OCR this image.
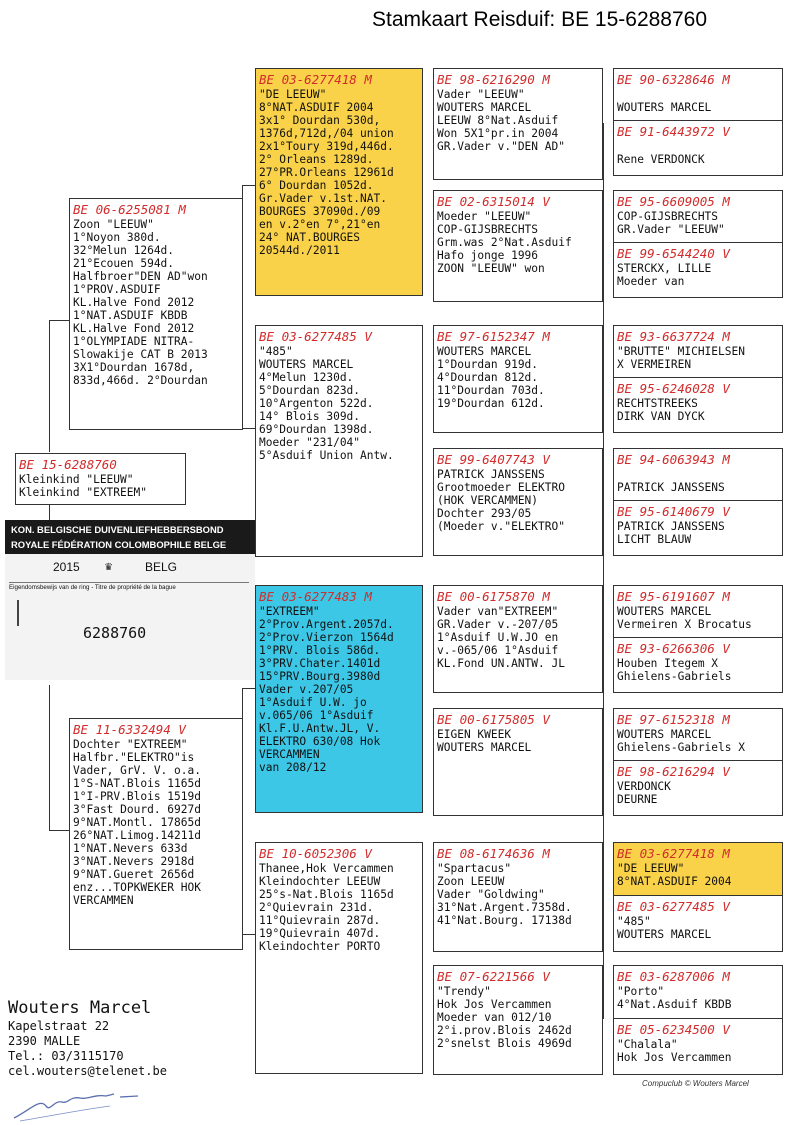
Stamkaart Reisduif: BE 15-6288760
BE 15-6288760
Kleinkind "LEEUW"
Kleinkind "EXTREEM"
KON. BELGISCHE DUIVENLIEFHEBBERSBOND
ROYALE FÉDÉRATION COLOMBOPHILE BELGE
2015 ♛	BELG
Eigendomsbewijs van de ring - Titre de propriété de la bague
6288760
BE 06-6255081 M
Zoon "LEEUW"
1°Noyon 380d.
32°Melun 1264d.
21°Ecouen 594d.
Halfbroer"DEN AD"won
1°PROV.ASDUIF
KL.Halve Fond 2012
1°NAT.ASDUIF KBDB
KL.Halve Fond 2012
1°OLYMPIADE NITRA-
Slowakije CAT B 2013
3X1°Dourdan 1678d,
833d,466d. 2°Dourdan
BE 11-6332494 V
Dochter "EXTREEM"
Halfbr."ELEKTRO"is
Vader, GrV. V. o.a.
1°S-NAT.Blois 1165d
1°I-PRV.Blois 1519d
3°Fast Dourd. 6927d
9°NAT.Montl. 17865d
26°NAT.Limog.14211d
1°NAT.Nevers 633d
3°NAT.Nevers 2918d
9°NAT.Gueret 2656d
enz...TOPKWEKER HOK
VERCAMMEN
BE 03-6277418 M
"DE LEEUW"
8°NAT.ASDUIF 2004
3x1° Dourdan 530d,
1376d,712d,/04 union
2x1°Toury 319d,446d.
2° Orleans 1289d.
27°PR.Orleans 12961d
6° Dourdan 1052d.
Gr.Vader v.1st.NAT.
BOURGES 37090d./09
en v.2°en 7°,21°en
24° NAT.BOURGES
20544d./2011
BE 03-6277485 V
"485"
WOUTERS MARCEL
4°Melun 1230d.
5°Dourdan 823d.
10°Argenton 522d.
14° Blois 309d.
69°Dourdan 1398d.
Moeder "231/04"
5°Asduif Union Antw.
BE 03-6277483 M
"EXTREEM"
2°Prov.Argent.2057d.
2°Prov.Vierzon 1564d
1°PRV. Blois 586d.
3°PRV.Chater.1401d
15°PRV.Bourg.3980d
Vader v.207/05
1°Asduif U.W. jo
v.065/06 1°Asduif
Kl.F.U.Antw.JL, V.
ELEKTRO 630/08 Hok
VERCAMMEN
van 208/12
BE 10-6052306 V
Thanee,Hok Vercammen
Kleindochter LEEUW
25°s-Nat.Blois 1165d
2°Quievrain 231d.
11°Quievrain 287d.
19°Quievrain 407d.
Kleindochter PORTO
BE 98-6216290 M
Vader "LEEUW"
WOUTERS MARCEL
LEEUW 8°Nat.Asduif
Won 5X1°pr.in 2004
GR.Vader v."DEN AD"
BE 02-6315014 V
Moeder "LEEUW"
COP-GIJSBRECHTS
Grm.was 2°Nat.Asduif
Hafo jonge 1996
ZOON "LEEUW" won
BE 97-6152347 M
WOUTERS MARCEL
1°Dourdan 919d.
4°Dourdan 812d.
11°Dourdan 703d.
19°Dourdan 612d.
BE 99-6407743 V
PATRICK JANSSENS
Grootmoeder ELEKTRO
(HOK VERCAMMEN)
Dochter 293/05
(Moeder v."ELEKTRO"
BE 00-6175870 M
Vader van"EXTREEM"
GR.Vader v.-207/05
1°Asduif U.W.JO en
v.-065/06 1°Asduif
KL.Fond UN.ANTW. JL
BE 00-6175805 V
EIGEN KWEEK
WOUTERS MARCEL
BE 08-6174636 M
"Spartacus"
Zoon LEEUW
Vader "Goldwing"
31°Nat.Argent.7358d.
41°Nat.Bourg. 17138d
BE 07-6221566 V
"Trendy"
Hok Jos Vercammen
Moeder van 012/10
2°i.prov.Blois 2462d
2°snelst Blois 4969d
BE 90-6328646 M

WOUTERS MARCEL
BE 91-6443972 V

Rene VERDONCK
BE 95-6609005 M
COP-GIJSBRECHTS
GR.Vader "LEEUW"
BE 99-6544240 V
STERCKX, LILLE
Moeder van
BE 93-6637724 M
"BRUTTE" MICHIELSEN
X VERMEIREN
BE 95-6246028 V
RECHTSTREEKS
DIRK VAN DYCK
BE 94-6063943 M

PATRICK JANSSENS
BE 95-6140679 V
PATRICK JANSSENS
LICHT BLAUW
BE 95-6191607 M
WOUTERS MARCEL
Vermeiren X Brocatus
BE 93-6266306 V
Houben Itegem X
Ghielens-Gabriels
BE 97-6152318 M
WOUTERS MARCEL
Ghielens-Gabriels X
BE 98-6216294 V
VERDONCK
DEURNE
BE 03-6277418 M
"DE LEEUW"
8°NAT.ASDUIF 2004
BE 03-6277485 V
"485"
WOUTERS MARCEL
BE 03-6287006 M
"Porto"
4°Nat.Asduif KBDB
BE 05-6234500 V
"Chalala"
Hok Jos Vercammen
Wouters Marcel
Kapelstraat 22
2390 MALLE
Tel.: 03/3115170
cel.wouters@telenet.be
Compuclub © Wouters Marcel
